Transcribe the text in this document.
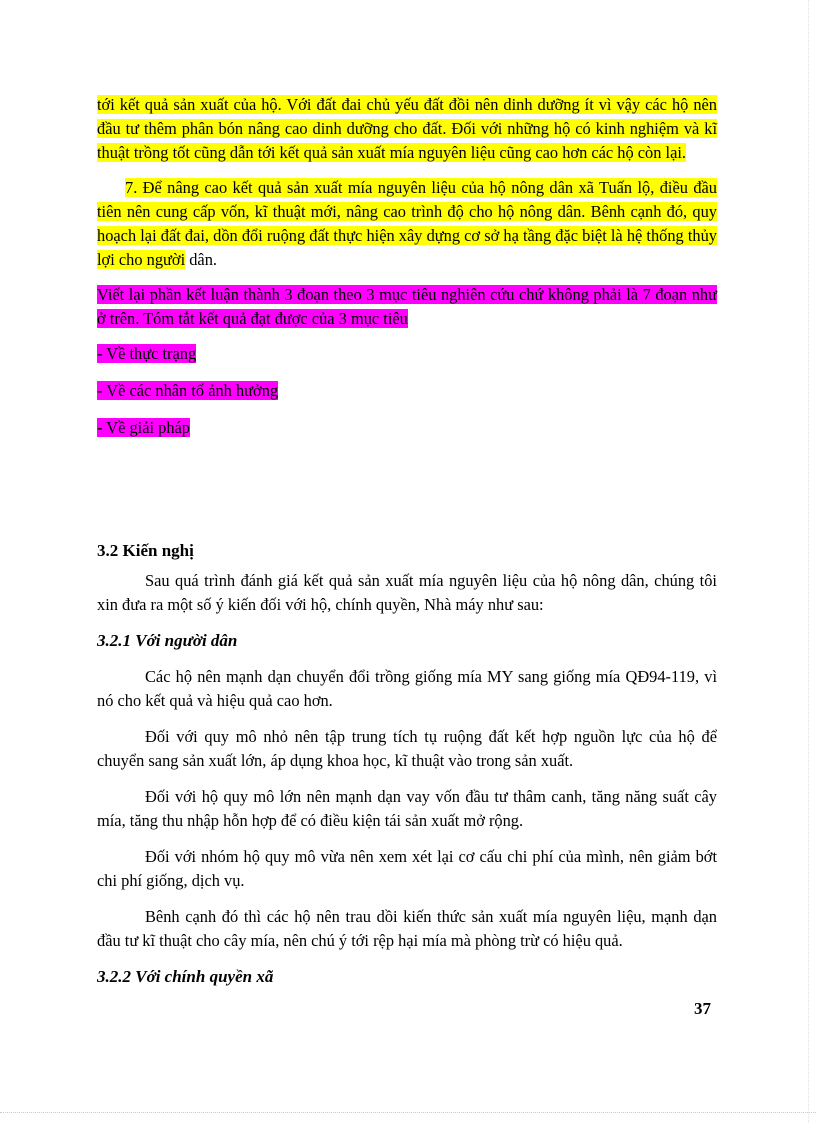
tới kết quả sản xuất của hộ. Với đất đai chủ yếu đất đồi nên dinh dưỡng ít vì vậy các hộ nên đầu tư thêm phân bón nâng cao dinh dưỡng cho đất. Đối với những hộ có kinh nghiệm và kĩ thuật trồng tốt cũng dẫn tới kết quả sản xuất mía nguyên liệu cũng cao hơn các hộ còn lại.

7. Để nâng cao kết quả sản xuất mía nguyên liệu của hộ nông dân xã Tuấn lộ, điều đầu tiên nên cung cấp vốn, kĩ thuật mới, nâng cao trình độ cho hộ nông dân. Bênh cạnh đó, quy hoạch lại đất đai, dồn đổi ruộng đất thực hiện xây dựng cơ sở hạ tầng đặc biệt là hệ thống thủy lợi cho người dân.

Viết lại phần kết luận thành 3 đoạn theo 3 mục tiêu nghiên cứu chứ không phải là 7 đoạn như ở trên. Tóm tắt kết quả đạt được của 3 mục tiêu

- Về thực trạng

- Về các nhân tố ảnh hưởng

- Về giải pháp

3.2 Kiến nghị

Sau quá trình đánh giá kết quả sản xuất mía nguyên liệu của hộ nông dân, chúng tôi xin đưa ra một số ý kiến đối với hộ, chính quyền, Nhà máy như sau:

3.2.1 Với người dân

Các hộ nên mạnh dạn chuyển đổi trồng giống mía MY sang giống mía QĐ94-119, vì nó cho kết quả và hiệu quả cao hơn.

Đối với quy mô nhỏ nên tập trung tích tụ ruộng đất kết hợp nguồn lực của hộ để chuyển sang sản xuất lớn, áp dụng khoa học, kĩ thuật vào trong sản xuất.

Đối với hộ quy mô lớn nên mạnh dạn vay vốn đầu tư thâm canh, tăng năng suất cây mía, tăng thu nhập hỗn hợp để có điều kiện tái sản xuất mở rộng.

Đối với nhóm hộ quy mô vừa nên xem xét lại cơ cấu chi phí của mình, nên giảm bớt chi phí giống, dịch vụ.

Bênh cạnh đó thì các hộ nên trau dồi kiến thức sản xuất mía nguyên liệu, mạnh dạn đầu tư kĩ thuật cho cây mía, nên chú ý tới rệp hại mía mà phòng trừ có hiệu quả.

3.2.2 Với chính quyền xã
37
